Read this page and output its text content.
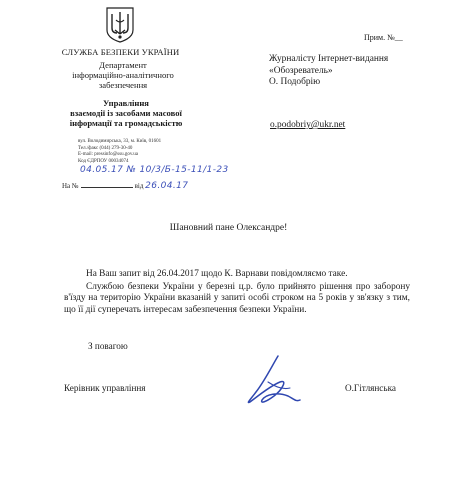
Прим. №__
СЛУЖБА БЕЗПЕКИ УКРАЇНИ
Департамент
інформаційно-аналітичного
забезпечення
Управління
взаємодії із засобами масової
інформації та громадськістю
вул. Володимирська, 33, м. Київ, 01601
Тел./факс (044) 279-30-40
E-mail: pressinfo@ssu.gov.ua
Код ЄДРПОУ 00034074
04.05.17 № 10/3/Б-15-11/1-23
На №	від 26.04.17
Журналісту Інтернет-видання
«Обозреватель»
О. Подобрію
o.podobriy@ukr.net
Шановний пане Олександре!
На Ваш запит від 26.04.2017 щодо К. Варнави повідомляємо таке.
Службою безпеки України у березні ц.р. було прийнято рішення про заборону в'їзду на територію України вказаній у запиті особі строком на 5 років у зв'язку з тим, що її дії суперечать інтересам забезпечення безпеки України.
З повагою
Керівник управління	О.Гітлянська
